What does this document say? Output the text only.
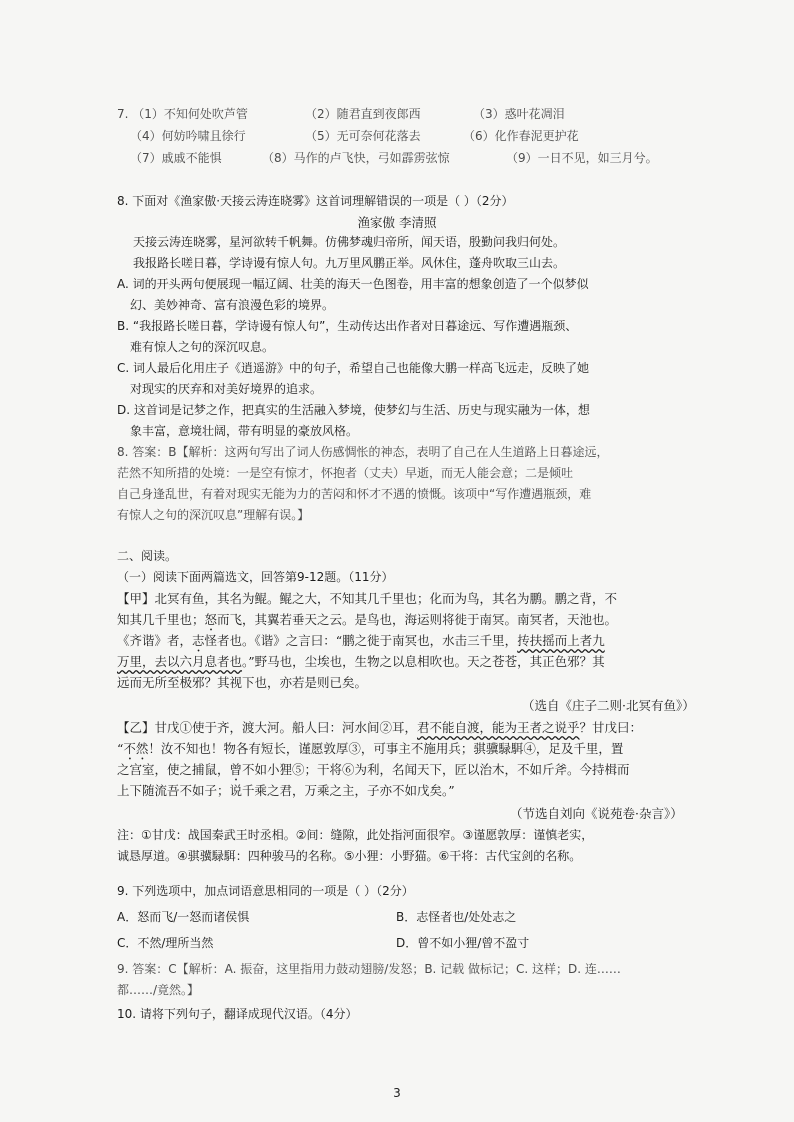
7. （1）不知何处吹芦管	（2）随君直到夜郎西	（3）惑叶花凋泪
（4）何妨吟啸且徐行	（5）无可奈何花落去	（6）化作春泥更护花
（7）戚戚不能惧	（8）马作的卢飞快，弓如霹雳弦惊	（9）一日不见，如三月兮。
8. 下面对《渔家傲·天接云涛连晓雾》这首词理解错误的一项是（ ）（2分）
渔家傲 李清照
天接云涛连晓雾，星河欲转千帆舞。仿佛梦魂归帝所，闻天语，殷勤问我归何处。
我报路长嗟日暮，学诗谩有惊人句。九万里风鹏正举。风休住，蓬舟吹取三山去。
A. 词的开头两句便展现一幅辽阔、壮美的海天一色图卷，用丰富的想象创造了一个似梦似
幻、美妙神奇、富有浪漫色彩的境界。
B. “我报路长嗟日暮，学诗谩有惊人句”，生动传达出作者对日暮途远、写作遭遇瓶颈、
难有惊人之句的深沉叹息。
C. 词人最后化用庄子《逍遥游》中的句子，希望自己也能像大鹏一样高飞远走，反映了她
对现实的厌弃和对美好境界的追求。
D. 这首词是记梦之作，把真实的生活融入梦境，使梦幻与生活、历史与现实融为一体，想
象丰富，意境壮阔，带有明显的豪放风格。
8. 答案：B【解析：这两句写出了词人伤感惆怅的神态，表明了自己在人生道路上日暮途远，
茫然不知所措的处境：一是空有惊才，怀抱者（丈夫）早逝，而无人能会意；二是倾吐
自己身逢乱世，有着对现实无能为力的苦闷和怀才不遇的愤慨。该项中“写作遭遇瓶颈，难
有惊人之句的深沉叹息”理解有误。】
二、阅读。
（一）阅读下面两篇选文，回答第9-12题。（11分）
【甲】北冥有鱼，其名为鲲。鲲之大，不知其几千里也；化而为鸟，其名为鹏。鹏之背，不
知其几千里也；怒而飞，其翼若垂天之云。是鸟也，海运则将徙于南冥。南冥者，天池也。
《齐谐》者，志怪者也。《谐》之言曰：“鹏之徙于南冥也，水击三千里，抟扶摇而上者九
万里，去以六月息者也。”野马也，尘埃也，生物之以息相吹也。天之苍苍，其正色邪？其
远而无所至极邪？其视下也，亦若是则已矣。
（选自《庄子二则·北冥有鱼》）
【乙】甘戊①使于齐，渡大河。船人曰：河水间②耳，君不能自渡，能为王者之说乎？甘戊曰：
“不然！汝不知也！物各有短长，谨愿敦厚③，可事主不施用兵；骐骥騄駬④，足及千里，置
之宫室，使之捕鼠，曾不如小狸⑤；干将⑥为利，名闻天下，匠以治木，不如斤斧。今持楫而
上下随流吾不如子；说千乘之君，万乘之主，子亦不如戊矣。”
（节选自刘向《说苑卷·杂言》）
注：①甘戊：战国秦武王时丞相。②间：缝隙，此处指河面很窄。③谨愿敦厚：谨慎老实，
诚恳厚道。④骐骥騄駬：四种骏马的名称。⑤小狸：小野猫。⑥干将：古代宝剑的名称。
9. 下列选项中，加点词语意思相同的一项是（ ）（2分）
A．怒而飞/一怒而诸侯惧	B．志怪者也/处处志之
C．不然/理所当然	D．曾不如小狸/曾不盈寸
9. 答案：C【解析：A. 振奋，这里指用力鼓动翅膀/发怒；B. 记载 做标记；C. 这样；D. 连……
都……/竟然。】
10. 请将下列句子，翻译成现代汉语。（4分）
3
